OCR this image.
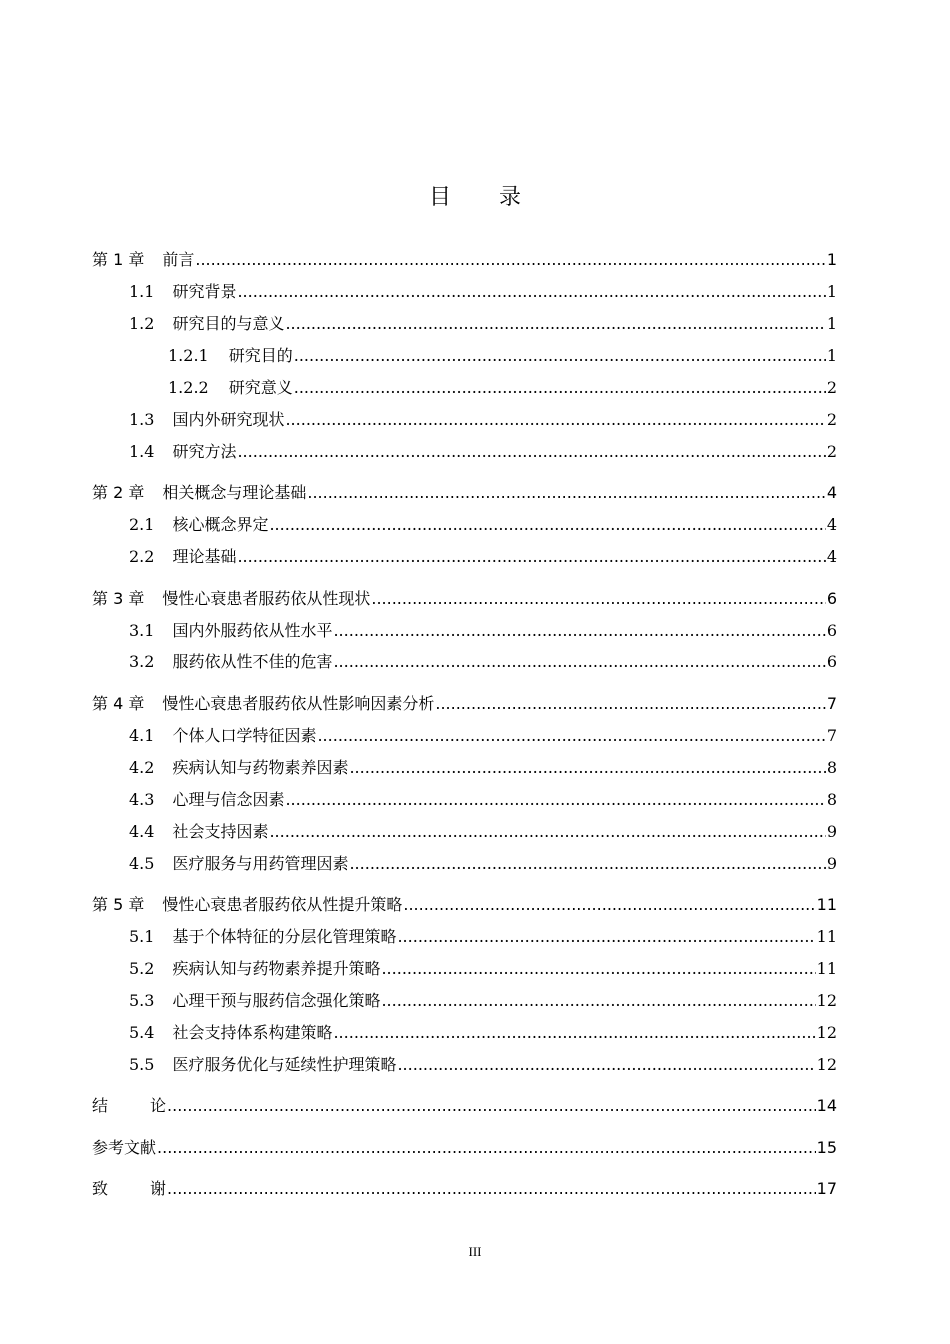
目 录
第 1 章 前言 .....	1
1.1 研究背景 .....	1
1.2 研究目的与意义 .....	1
1.2.1 研究目的 .....	1
1.2.2 研究意义 .....	2
1.3 国内外研究现状 .....	2
1.4 研究方法 .....	2
第 2 章 相关概念与理论基础 .....	4
2.1 核心概念界定 .....	4
2.2 理论基础 .....	4
第 3 章 慢性心衰患者服药依从性现状 .....	6
3.1 国内外服药依从性水平 .....	6
3.2 服药依从性不佳的危害 .....	6
第 4 章 慢性心衰患者服药依从性影响因素分析 .....	7
4.1 个体人口学特征因素 .....	7
4.2 疾病认知与药物素养因素 .....	8
4.3 心理与信念因素 .....	8
4.4 社会支持因素 .....	9
4.5 医疗服务与用药管理因素 .....	9
第 5 章 慢性心衰患者服药依从性提升策略 .....	11
5.1 基于个体特征的分层化管理策略 .....	11
5.2 疾病认知与药物素养提升策略 .....	11
5.3 心理干预与服药信念强化策略 .....	12
5.4 社会支持体系构建策略 .....	12
5.5 医疗服务优化与延续性护理策略 .....	12
结	论 .....	14
参考文献 .....	15
致	谢 .....	17
III
